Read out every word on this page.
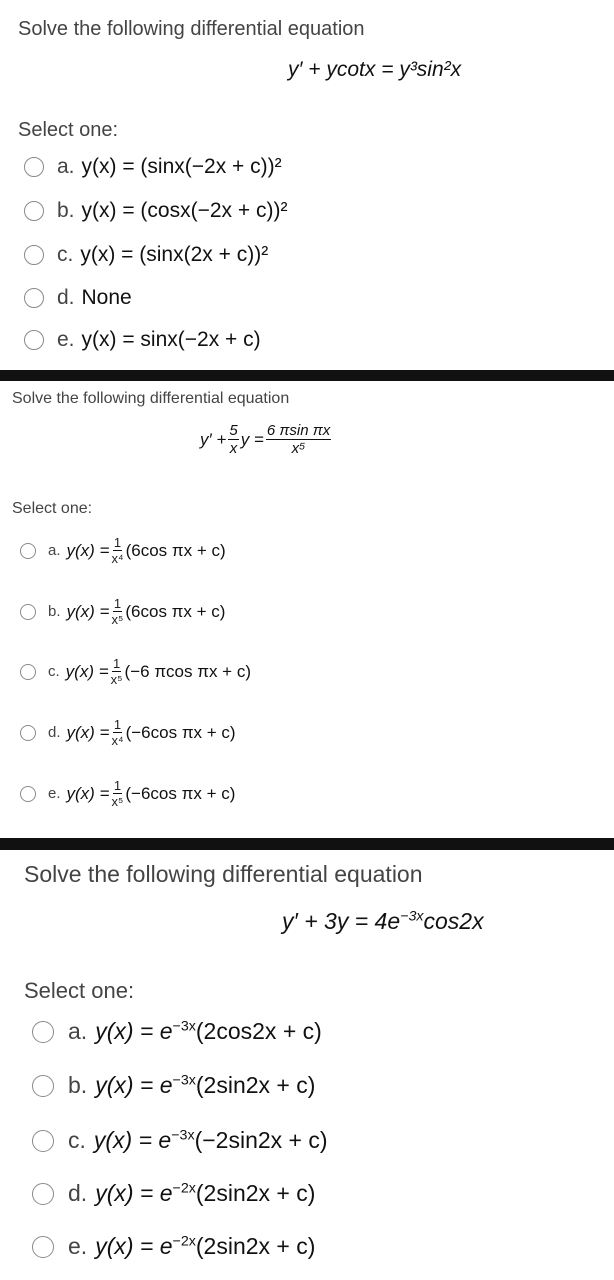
Solve the following differential equation
y′ + ycotx = y³sin²x
Select one:
a. y(x) = (sinx(−2x + c))²
b. y(x) = (cosx(−2x + c))²
c. y(x) = (sinx(2x + c))²
d. None
e. y(x) = sinx(−2x + c)
Solve the following differential equation
$y' + \frac{5}{x}$ $y = \frac{\text{6 πsin πx}}{\text{x⁵}}$
Select one:
a. $y(x) = \frac{1}{\text{x⁴}} (6\cos$ πx + c)
b. $y(x) = \frac{1}{\text{x⁵}} (6\cos$ πx + c)
c. $y(x) = \frac{1}{\text{x⁵}} (-6$ πcos πx + c)
d. $y(x) = \frac{1}{\text{x⁴}} (-6\cos$ πx + c)
e. $y(x) = \frac{1}{\text{x⁵}} (-6\cos$ πx + c)
Solve the following differential equation
$y' + 3y = 4e^{-3x}\cos 2x$
Select one:
a. $y(x) = e^{-3x}(2\cos 2x + c)$
b. $y(x) = e^{-3x}(2\sin 2x + c)$
c. $y(x) = e^{-3x}(-2\sin 2x + c)$
d. $y(x) = e^{-2x}(2\sin 2x + c)$
e. $y(x) = e^{-2x}(2\sin 2x + c)$
